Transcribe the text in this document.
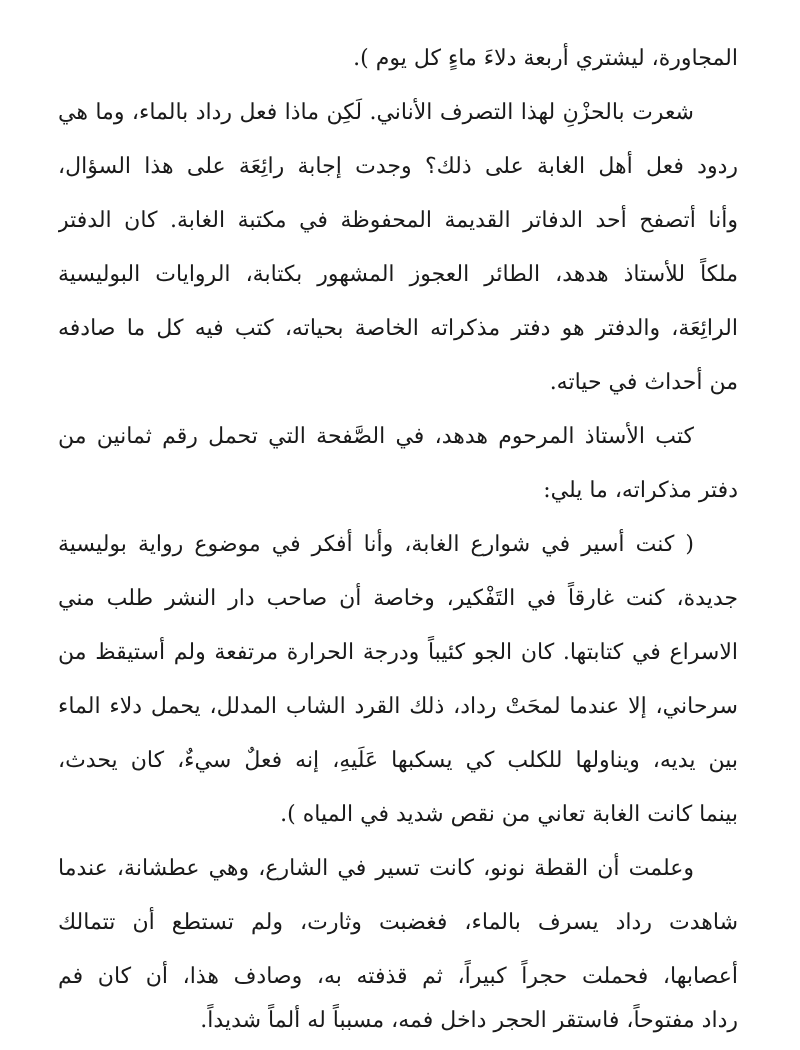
المجاورة، ليشتري أربعة دلاءَ ماءٍ كل يوم ).
شعرت بالحزْنِ لهذا التصرف الأناني. لَكِن ماذا فعل رداد بالماء، وما هي
ردود فعل أهل الغابة على ذلك؟ وجدت إجابة رائِعَة على هذا السؤال،
وأنا أتصفح أحد الدفاتر القديمة المحفوظة في مكتبة الغابة. كان الدفتر
ملكاً للأستاذ هدهد، الطائر العجوز المشهور بكتابة، الروايات البوليسية
الرائِعَة، والدفتر هو دفتر مذكراته الخاصة بحياته، كتب فيه كل ما صادفه
من أحداث في حياته.
كتب الأستاذ المرحوم هدهد، في الصَّفحة التي تحمل رقم ثمانين من
دفتر مذكراته، ما يلي:
( كنت أسير في شوارع الغابة، وأنا أفكر في موضوع رواية بوليسية
جديدة، كنت غارقاً في التَفْكير، وخاصة أن صاحب دار النشر طلب مني
الاسراع في كتابتها. كان الجو كئيباً ودرجة الحرارة مرتفعة ولم أستيقظ من
سرحاني، إلا عندما لمحَتْ رداد، ذلك القرد الشاب المدلل، يحمل دلاء الماء
بين يديه، ويناولها للكلب كي يسكبها عَلَيهِ، إنه فعلٌ سيءٌ، كان يحدث،
بينما كانت الغابة تعاني من نقص شديد في المياه ).
وعلمت أن القطة نونو، كانت تسير في الشارع، وهي عطشانة، عندما
شاهدت رداد يسرف بالماء، فغضبت وثارت، ولم تستطع أن تتمالك
أعصابها، فحملت حجراً كبيراً، ثم قذفته به، وصادف هذا، أن كان فم
رداد مفتوحاً، فاستقر الحجر داخل فمه، مسبباً له ألماً شديداً.
